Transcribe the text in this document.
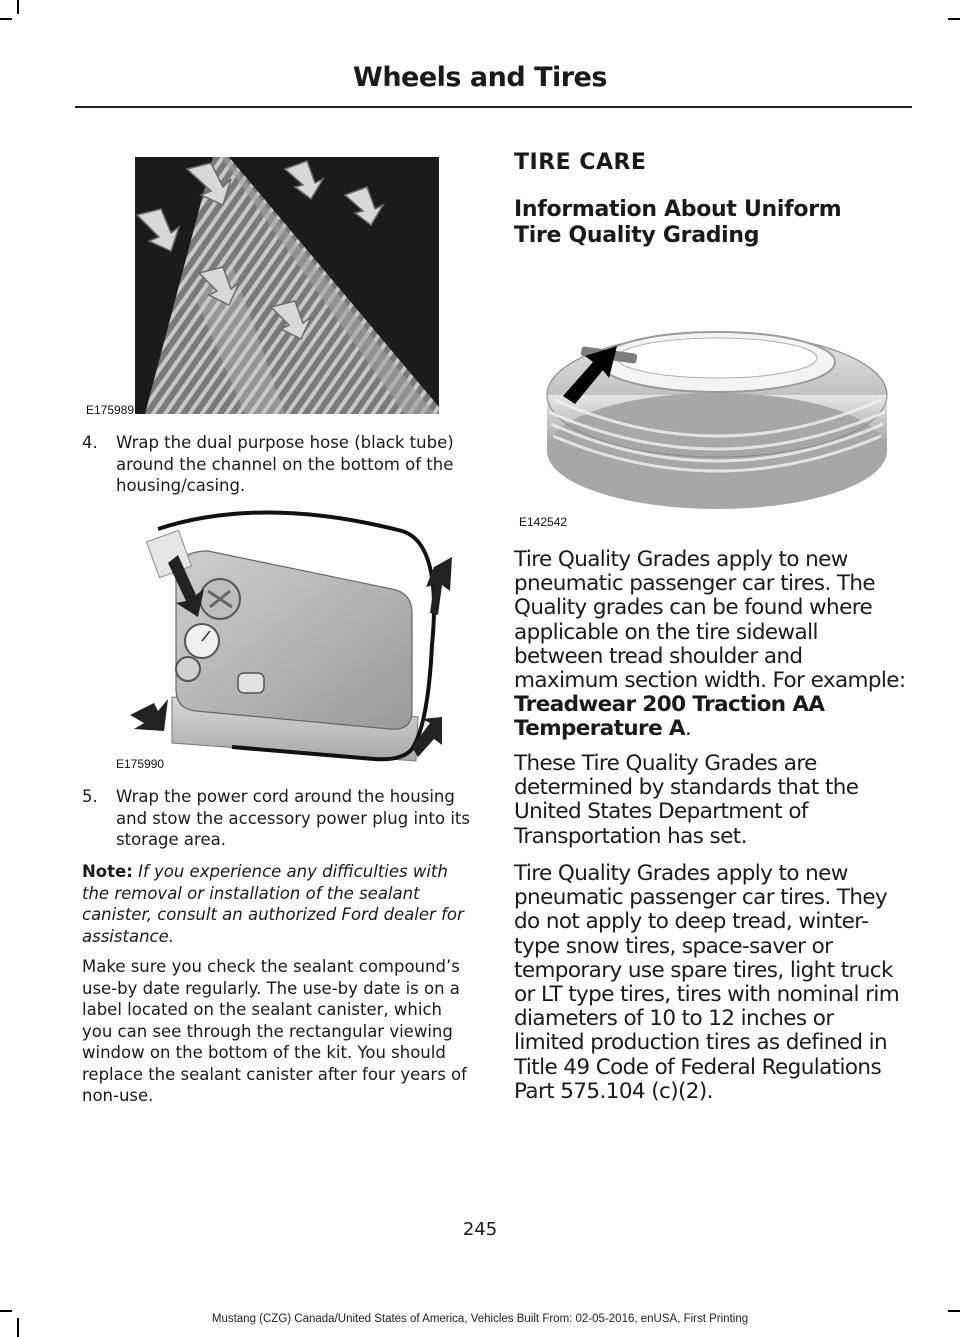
Wheels and Tires
E175989
4.	Wrap the dual purpose hose (black tube) around the channel on the bottom of the housing/casing.
E175990
5.	Wrap the power cord around the housing and stow the accessory power plug into its storage area.
Note: If you experience any difficulties with the removal or installation of the sealant canister, consult an authorized Ford dealer for assistance.
Make sure you check the sealant compound’s use-by date regularly. The use-by date is on a label located on the sealant canister, which you can see through the rectangular viewing window on the bottom of the kit. You should replace the sealant canister after four years of non-use.
TIRE CARE
Information About Uniform Tire Quality Grading
E142542
Tire Quality Grades apply to new pneumatic passenger car tires. The Quality grades can be found where applicable on the tire sidewall between tread shoulder and maximum section width. For example: Treadwear 200 Traction AA Temperature A.
These Tire Quality Grades are determined by standards that the United States Department of Transportation has set.
Tire Quality Grades apply to new pneumatic passenger car tires. They do not apply to deep tread, winter-type snow tires, space-saver or temporary use spare tires, light truck or LT type tires, tires with nominal rim diameters of 10 to 12 inches or limited production tires as defined in Title 49 Code of Federal Regulations Part 575.104 (c)(2).
245
Mustang (CZG) Canada/United States of America, Vehicles Built From: 02-05-2016, enUSA, First Printing
